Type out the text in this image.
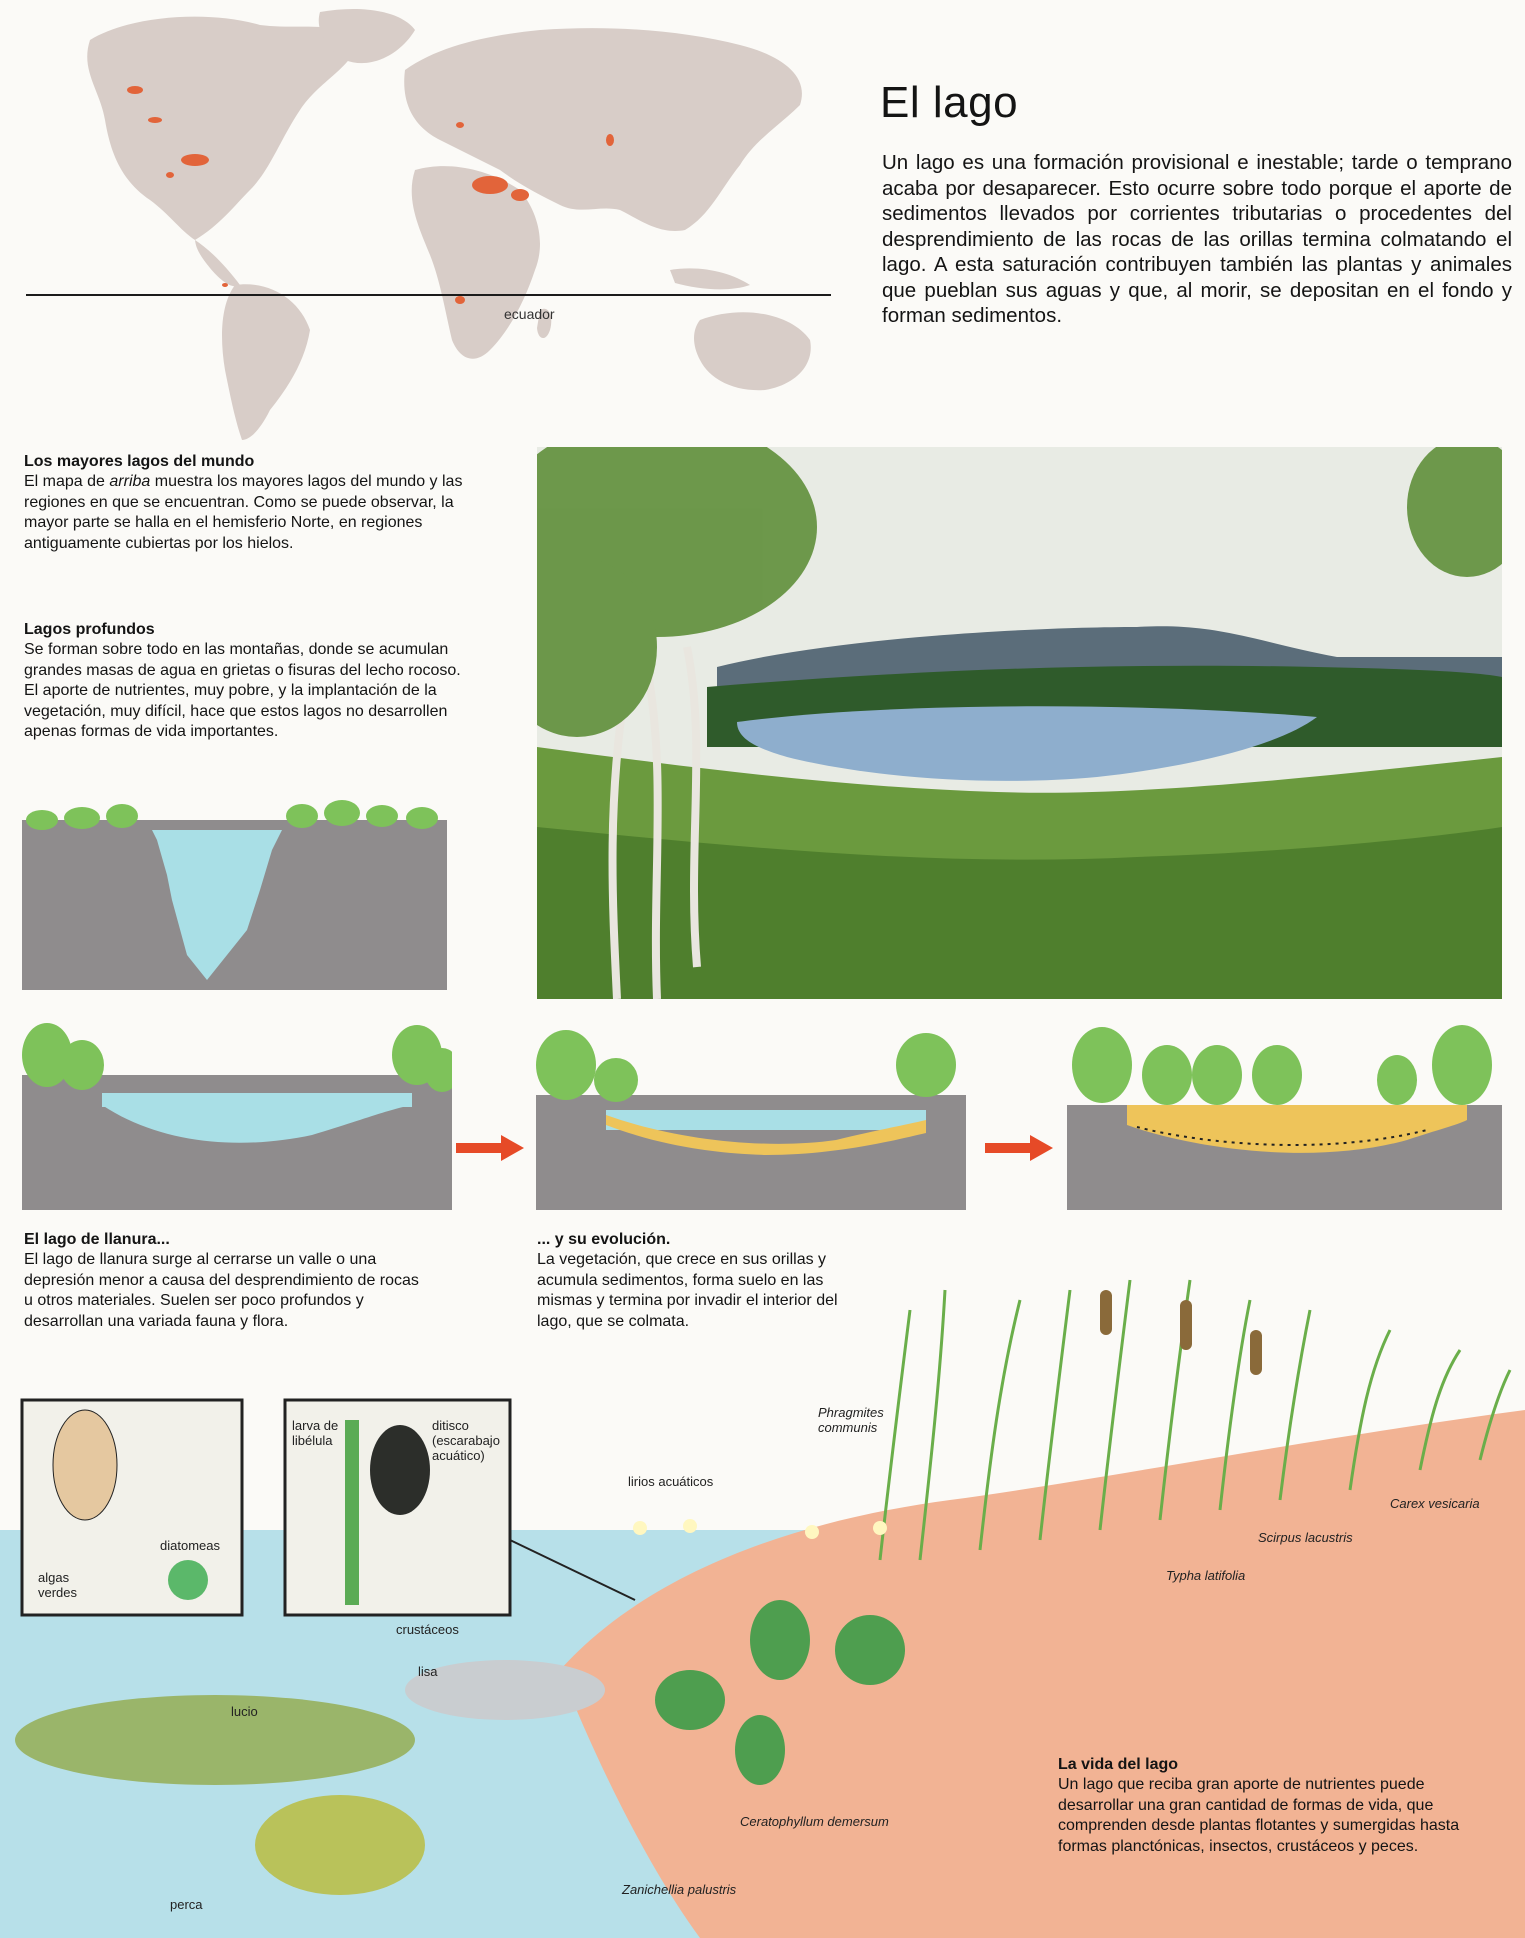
ecuador
El lago
Un lago es una formación provisional e inestable; tarde o temprano acaba por desaparecer. Esto ocurre sobre todo porque el aporte de sedimentos llevados por corrientes tributarias o procedentes del desprendimiento de las rocas de las orillas termina colmatando el lago. A esta saturación contribuyen también las plantas y animales que pueblan sus aguas y que, al morir, se depositan en el fondo y forman sedimentos.
Los mayores lagos del mundo
El mapa de arriba muestra los mayores lagos del mundo y las regiones en que se encuentran. Como se puede observar, la mayor parte se halla en el hemisferio Norte, en regiones antiguamente cubiertas por los hielos.
Lagos profundos
Se forman sobre todo en las montañas, donde se acumulan grandes masas de agua en grietas o fisuras del lecho rocoso. El aporte de nutrientes, muy pobre, y la implantación de la vegetación, muy difícil, hace que estos lagos no desarrollen apenas formas de vida importantes.
El lago de llanura...
El lago de llanura surge al cerrarse un valle o una depresión menor a causa del desprendimiento de rocas u otros materiales. Suelen ser poco profundos y desarrollan una variada fauna y flora.
... y su evolución.
La vegetación, que crece en sus orillas y acumula sedimentos, forma suelo en las mismas y termina por invadir el interior del lago, que se colmata.
algas verdes
diatomeas
larva de libélula
ditisco (escarabajo acuático)
crustáceos
Phragmites communis
lirios acuáticos
Carex vesicaria
Scirpus lacustris
Typha latifolia
lisa
lucio
Ceratophyllum demersum
Zanichellia palustris
perca
La vida del lago
Un lago que reciba gran aporte de nutrientes puede desarrollar una gran cantidad de formas de vida, que comprenden desde plantas flotantes y sumergidas hasta formas planctónicas, insectos, crustáceos y peces.
